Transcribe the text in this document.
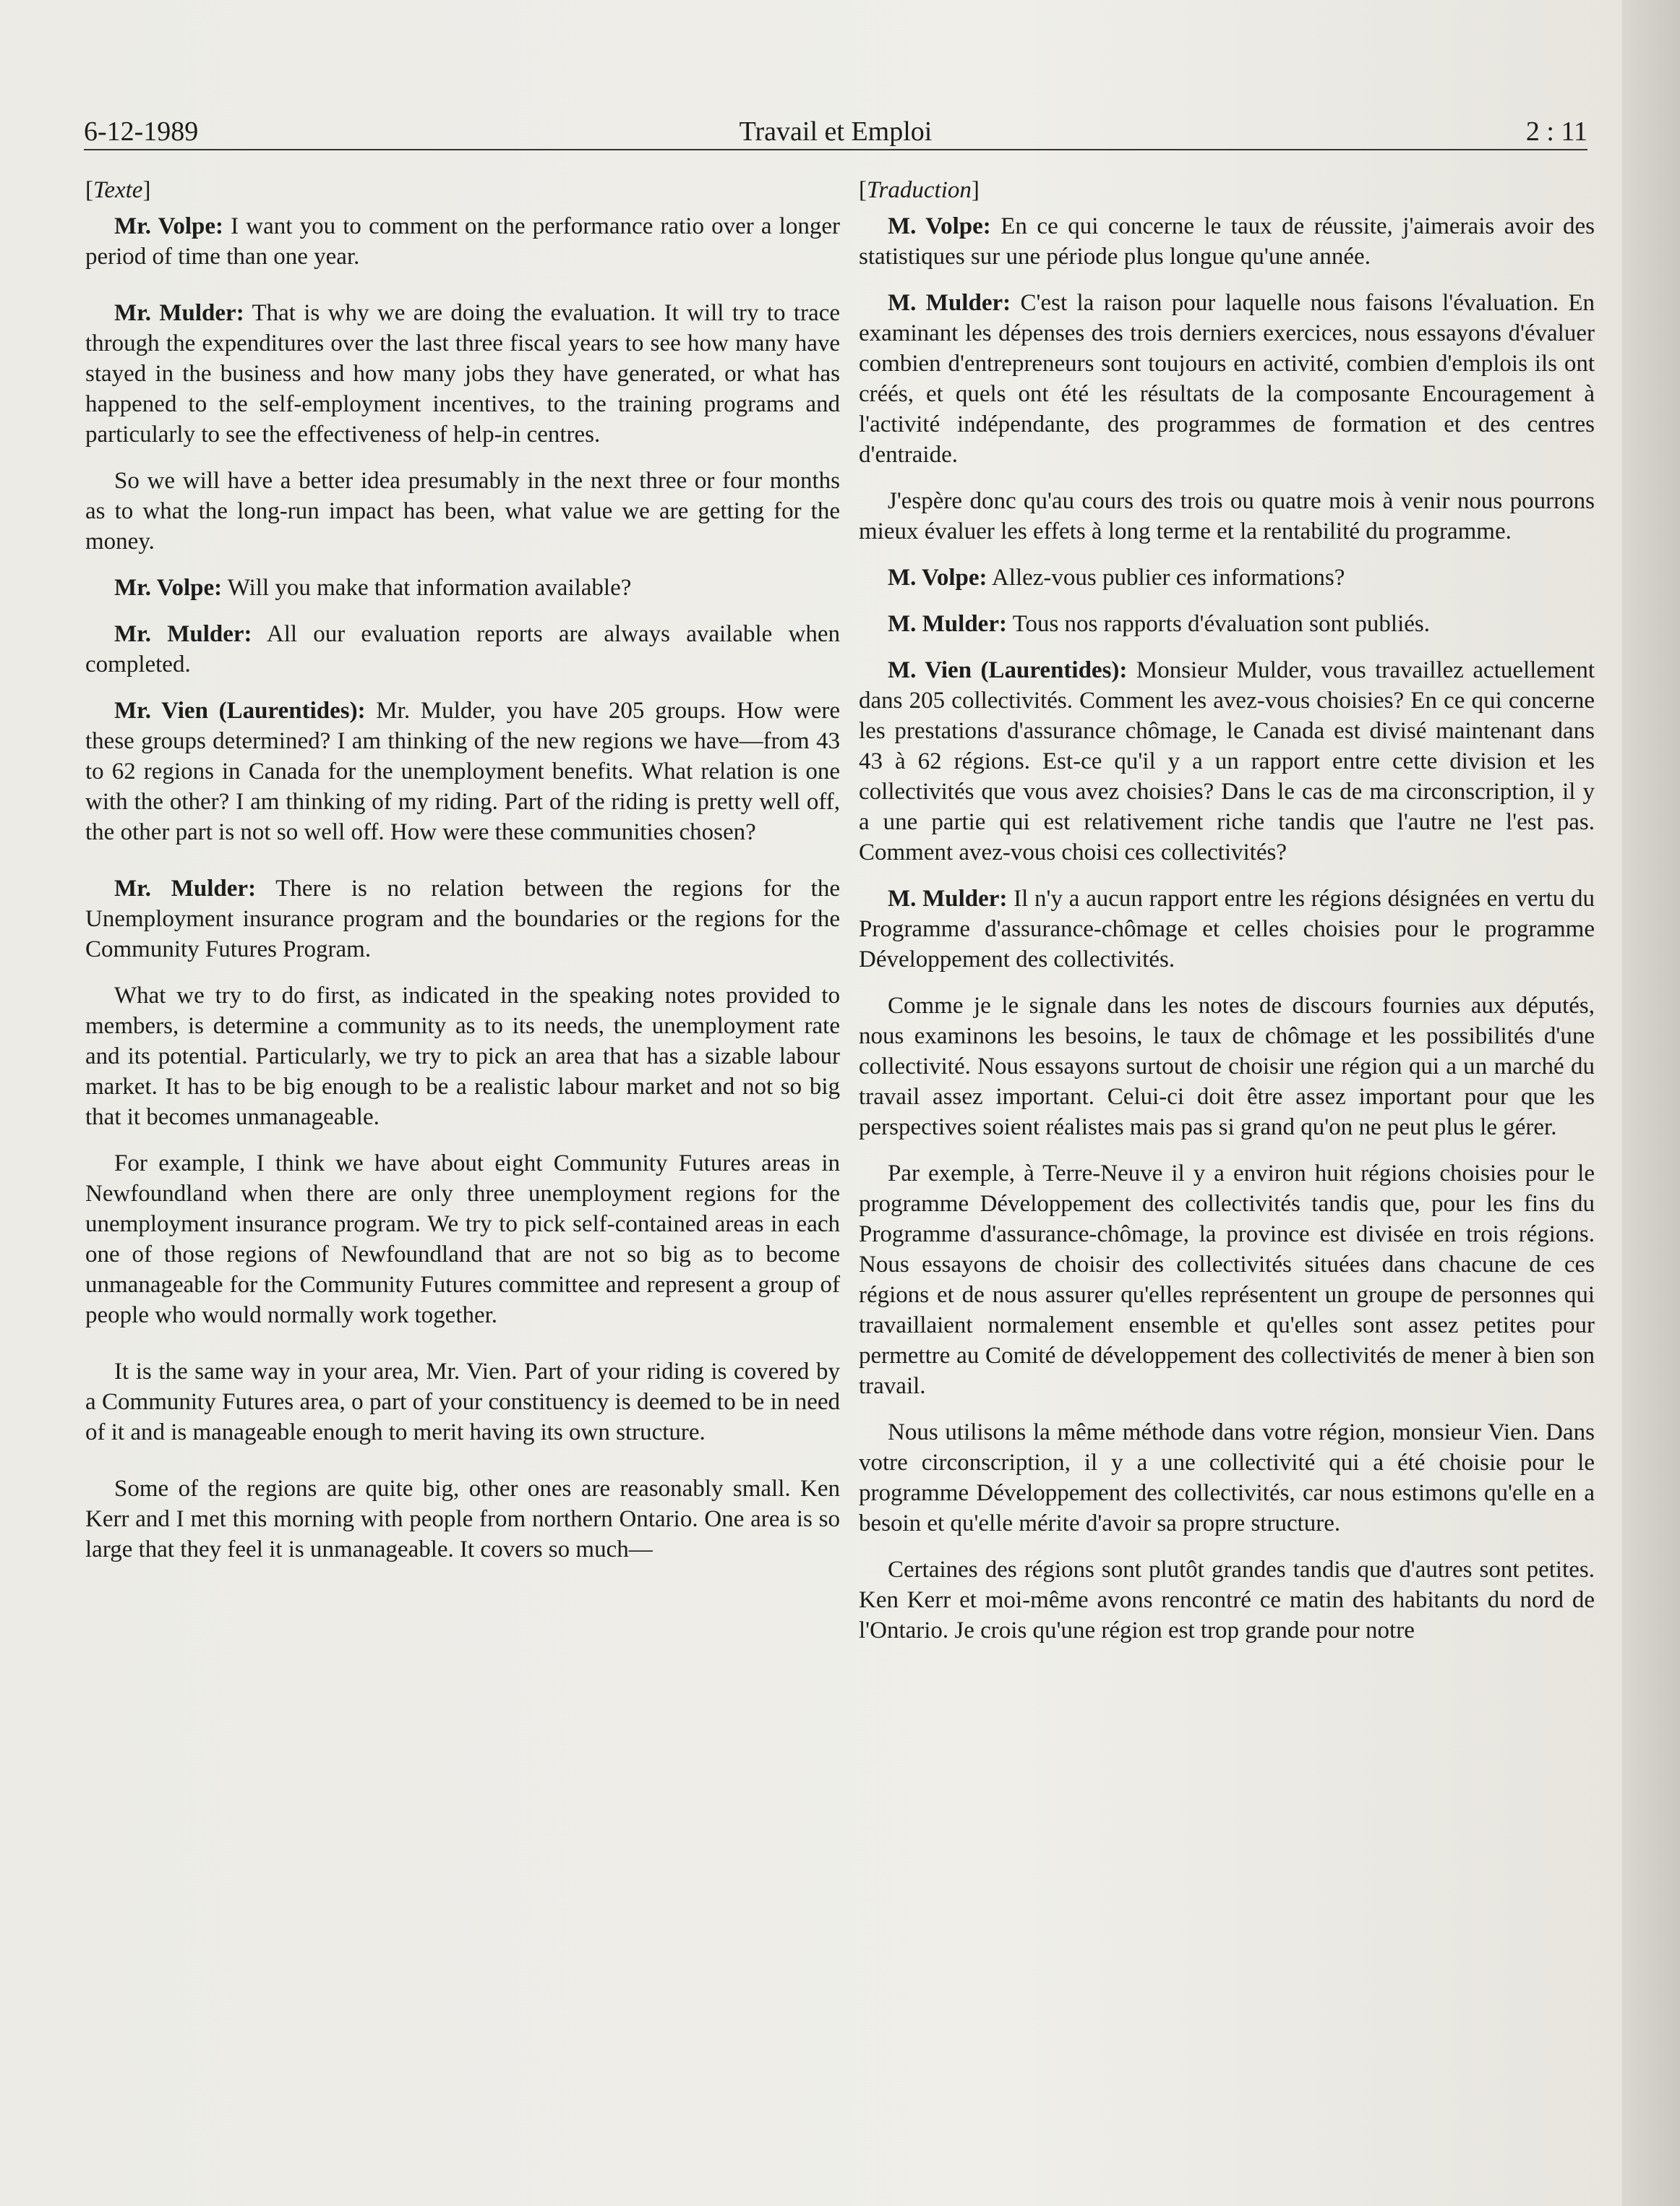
6-12-1989	Travail et Emploi	2 : 11

[Texte]

Mr. Volpe: I want you to comment on the performance ratio over a longer period of time than one year.

Mr. Mulder: That is why we are doing the evaluation. It will try to trace through the expenditures over the last three fiscal years to see how many have stayed in the business and how many jobs they have generated, or what has happened to the self-employment incentives, to the training programs and particularly to see the effectiveness of help-in centres.

So we will have a better idea presumably in the next three or four months as to what the long-run impact has been, what value we are getting for the money.

Mr. Volpe: Will you make that information available?

Mr. Mulder: All our evaluation reports are always available when completed.

Mr. Vien (Laurentides): Mr. Mulder, you have 205 groups. How were these groups determined? I am thinking of the new regions we have—from 43 to 62 regions in Canada for the unemployment benefits. What relation is one with the other? I am thinking of my riding. Part of the riding is pretty well off, the other part is not so well off. How were these communities chosen?

Mr. Mulder: There is no relation between the regions for the Unemployment insurance program and the boundaries or the regions for the Community Futures Program.

What we try to do first, as indicated in the speaking notes provided to members, is determine a community as to its needs, the unemployment rate and its potential. Particularly, we try to pick an area that has a sizable labour market. It has to be big enough to be a realistic labour market and not so big that it becomes unmanageable.

For example, I think we have about eight Community Futures areas in Newfoundland when there are only three unemployment regions for the unemployment insurance program. We try to pick self-contained areas in each one of those regions of Newfoundland that are not so big as to become unmanageable for the Community Futures committee and represent a group of people who would normally work together.

It is the same way in your area, Mr. Vien. Part of your riding is covered by a Community Futures area, o part of your constituency is deemed to be in need of it and is manageable enough to merit having its own structure.

Some of the regions are quite big, other ones are reasonably small. Ken Kerr and I met this morning with people from northern Ontario. One area is so large that they feel it is unmanageable. It covers so much—

[Traduction]

M. Volpe: En ce qui concerne le taux de réussite, j'aimerais avoir des statistiques sur une période plus longue qu'une année.

M. Mulder: C'est la raison pour laquelle nous faisons l'évaluation. En examinant les dépenses des trois derniers exercices, nous essayons d'évaluer combien d'entrepreneurs sont toujours en activité, combien d'emplois ils ont créés, et quels ont été les résultats de la composante Encouragement à l'activité indépendante, des programmes de formation et des centres d'entraide.

J'espère donc qu'au cours des trois ou quatre mois à venir nous pourrons mieux évaluer les effets à long terme et la rentabilité du programme.

M. Volpe: Allez-vous publier ces informations?

M. Mulder: Tous nos rapports d'évaluation sont publiés.

M. Vien (Laurentides): Monsieur Mulder, vous travaillez actuellement dans 205 collectivités. Comment les avez-vous choisies? En ce qui concerne les prestations d'assurance chômage, le Canada est divisé maintenant dans 43 à 62 régions. Est-ce qu'il y a un rapport entre cette division et les collectivités que vous avez choisies? Dans le cas de ma circonscription, il y a une partie qui est relativement riche tandis que l'autre ne l'est pas. Comment avez-vous choisi ces collectivités?

M. Mulder: Il n'y a aucun rapport entre les régions désignées en vertu du Programme d'assurance-chômage et celles choisies pour le programme Développement des collectivités.

Comme je le signale dans les notes de discours fournies aux députés, nous examinons les besoins, le taux de chômage et les possibilités d'une collectivité. Nous essayons surtout de choisir une région qui a un marché du travail assez important. Celui-ci doit être assez important pour que les perspectives soient réalistes mais pas si grand qu'on ne peut plus le gérer.

Par exemple, à Terre-Neuve il y a environ huit régions choisies pour le programme Développement des collectivités tandis que, pour les fins du Programme d'assurance-chômage, la province est divisée en trois régions. Nous essayons de choisir des collectivités situées dans chacune de ces régions et de nous assurer qu'elles représentent un groupe de personnes qui travaillaient normalement ensemble et qu'elles sont assez petites pour permettre au Comité de développement des collectivités de mener à bien son travail.

Nous utilisons la même méthode dans votre région, monsieur Vien. Dans votre circonscription, il y a une collectivité qui a été choisie pour le programme Développement des collectivités, car nous estimons qu'elle en a besoin et qu'elle mérite d'avoir sa propre structure.

Certaines des régions sont plutôt grandes tandis que d'autres sont petites. Ken Kerr et moi-même avons rencontré ce matin des habitants du nord de l'Ontario. Je crois qu'une région est trop grande pour notre
